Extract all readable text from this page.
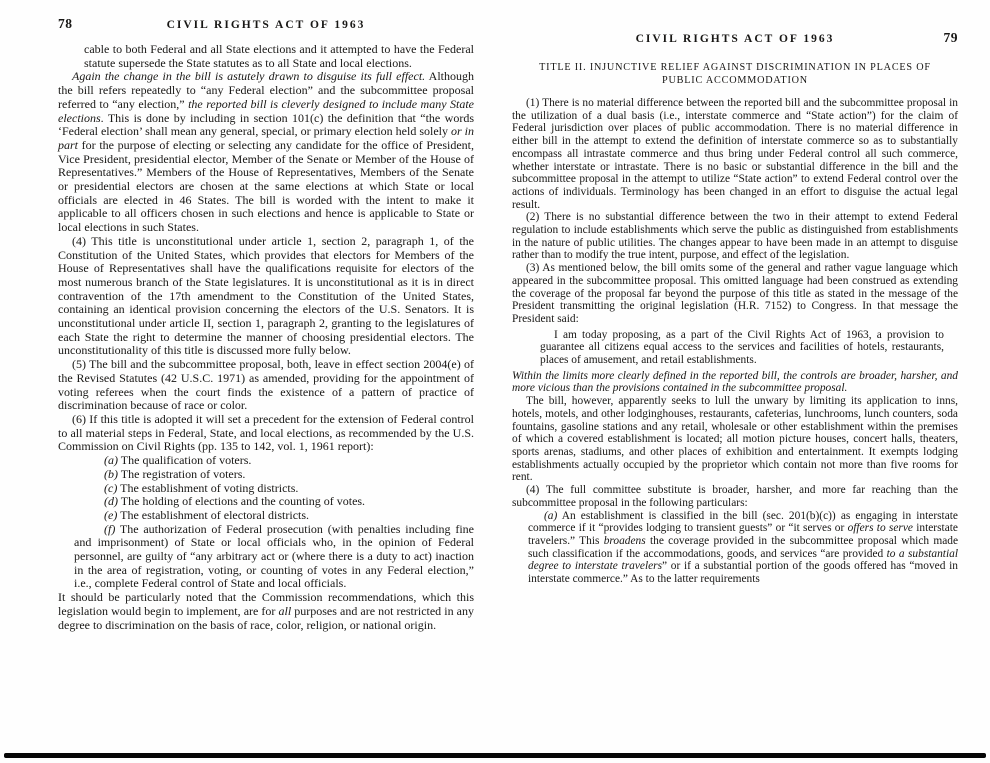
78	CIVIL RIGHTS ACT OF 1963

cable to both Federal and all State elections and it attempted to have the Federal statute supersede the State statutes as to all State and local elections.

Again the change in the bill is astutely drawn to disguise its full effect. Although the bill refers repeatedly to “any Federal election” and the subcommittee proposal referred to “any election,” the reported bill is cleverly designed to include many State elections. This is done by including in section 101(c) the definition that “the words ‘Federal election’ shall mean any general, special, or primary election held solely or in part for the purpose of electing or selecting any candidate for the office of President, Vice President, presidential elector, Member of the Senate or Member of the House of Representatives.” Members of the House of Representatives, Members of the Senate or presidential electors are chosen at the same elections at which State or local officials are elected in 46 States. The bill is worded with the intent to make it applicable to all officers chosen in such elections and hence is applicable to State or local elections in such States.

(4) This title is unconstitutional under article 1, section 2, paragraph 1, of the Constitution of the United States, which provides that electors for Members of the House of Representatives shall have the qualifications requisite for electors of the most numerous branch of the State legislatures. It is unconstitutional as it is in direct contravention of the 17th amendment to the Constitution of the United States, containing an identical provision concerning the electors of the U.S. Senators. It is unconstitutional under article II, section 1, paragraph 2, granting to the legislatures of each State the right to determine the manner of choosing presidential electors. The unconstitutionality of this title is discussed more fully below.

(5) The bill and the subcommittee proposal, both, leave in effect section 2004(e) of the Revised Statutes (42 U.S.C. 1971) as amended, providing for the appointment of voting referees when the court finds the existence of a pattern of practice of discrimination because of race or color.

(6) If this title is adopted it will set a precedent for the extension of Federal control to all material steps in Federal, State, and local elections, as recommended by the U.S. Commission on Civil Rights (pp. 135 to 142, vol. 1, 1961 report):

(a) The qualification of voters.

(b) The registration of voters.

(c) The establishment of voting districts.

(d) The holding of elections and the counting of votes.

(e) The establishment of electoral districts.

(f) The authorization of Federal prosecution (with penalties including fine and imprisonment) of State or local officials who, in the opinion of Federal personnel, are guilty of “any arbitrary act or (where there is a duty to act) inaction in the area of registration, voting, or counting of votes in any Federal election,” i.e., complete Federal control of State and local officials.

It should be particularly noted that the Commission recommendations, which this legislation would begin to implement, are for all purposes and are not restricted in any degree to discrimination on the basis of race, color, religion, or national origin.

CIVIL RIGHTS ACT OF 1963	79
TITLE II. INJUNCTIVE RELIEF AGAINST DISCRIMINATION IN PLACES OF PUBLIC ACCOMMODATION

(1) There is no material difference between the reported bill and the subcommittee proposal in the utilization of a dual basis (i.e., interstate commerce and “State action”) for the claim of Federal jurisdiction over places of public accommodation. There is no material difference in either bill in the attempt to extend the definition of interstate commerce so as to substantially encompass all intrastate commerce and thus bring under Federal control all such commerce, whether interstate or intrastate. There is no basic or substantial difference in the bill and the subcommittee proposal in the attempt to utilize “State action” to extend Federal control over the actions of individuals. Terminology has been changed in an effort to disguise the actual legal result.

(2) There is no substantial difference between the two in their attempt to extend Federal regulation to include establishments which serve the public as distinguished from establishments in the nature of public utilities. The changes appear to have been made in an attempt to disguise rather than to modify the true intent, purpose, and effect of the legislation.

(3) As mentioned below, the bill omits some of the general and rather vague language which appeared in the subcommittee proposal. This omitted language had been construed as extending the coverage of the proposal far beyond the purpose of this title as stated in the message of the President transmitting the original legislation (H.R. 7152) to Congress. In that message the President said:

I am today proposing, as a part of the Civil Rights Act of 1963, a provision to guarantee all citizens equal access to the services and facilities of hotels, restaurants, places of amusement, and retail establishments.

Within the limits more clearly defined in the reported bill, the controls are broader, harsher, and more vicious than the provisions contained in the subcommittee proposal.

The bill, however, apparently seeks to lull the unwary by limiting its application to inns, hotels, motels, and other lodginghouses, restaurants, cafeterias, lunchrooms, lunch counters, soda fountains, gasoline stations and any retail, wholesale or other establishment within the premises of which a covered establishment is located; all motion picture houses, concert halls, theaters, sports arenas, stadiums, and other places of exhibition and entertainment. It exempts lodging establishments actually occupied by the proprietor which contain not more than five rooms for rent.

(4) The full committee substitute is broader, harsher, and more far reaching than the subcommittee proposal in the following particulars:

(a) An establishment is classified in the bill (sec. 201(b)(c)) as engaging in interstate commerce if it “provides lodging to transient guests” or “it serves or offers to serve interstate travelers.” This broadens the coverage provided in the subcommittee proposal which made such classification if the accommodations, goods, and services “are provided to a substantial degree to interstate travelers” or if a substantial portion of the goods offered has “moved in interstate commerce.” As to the latter requirements
